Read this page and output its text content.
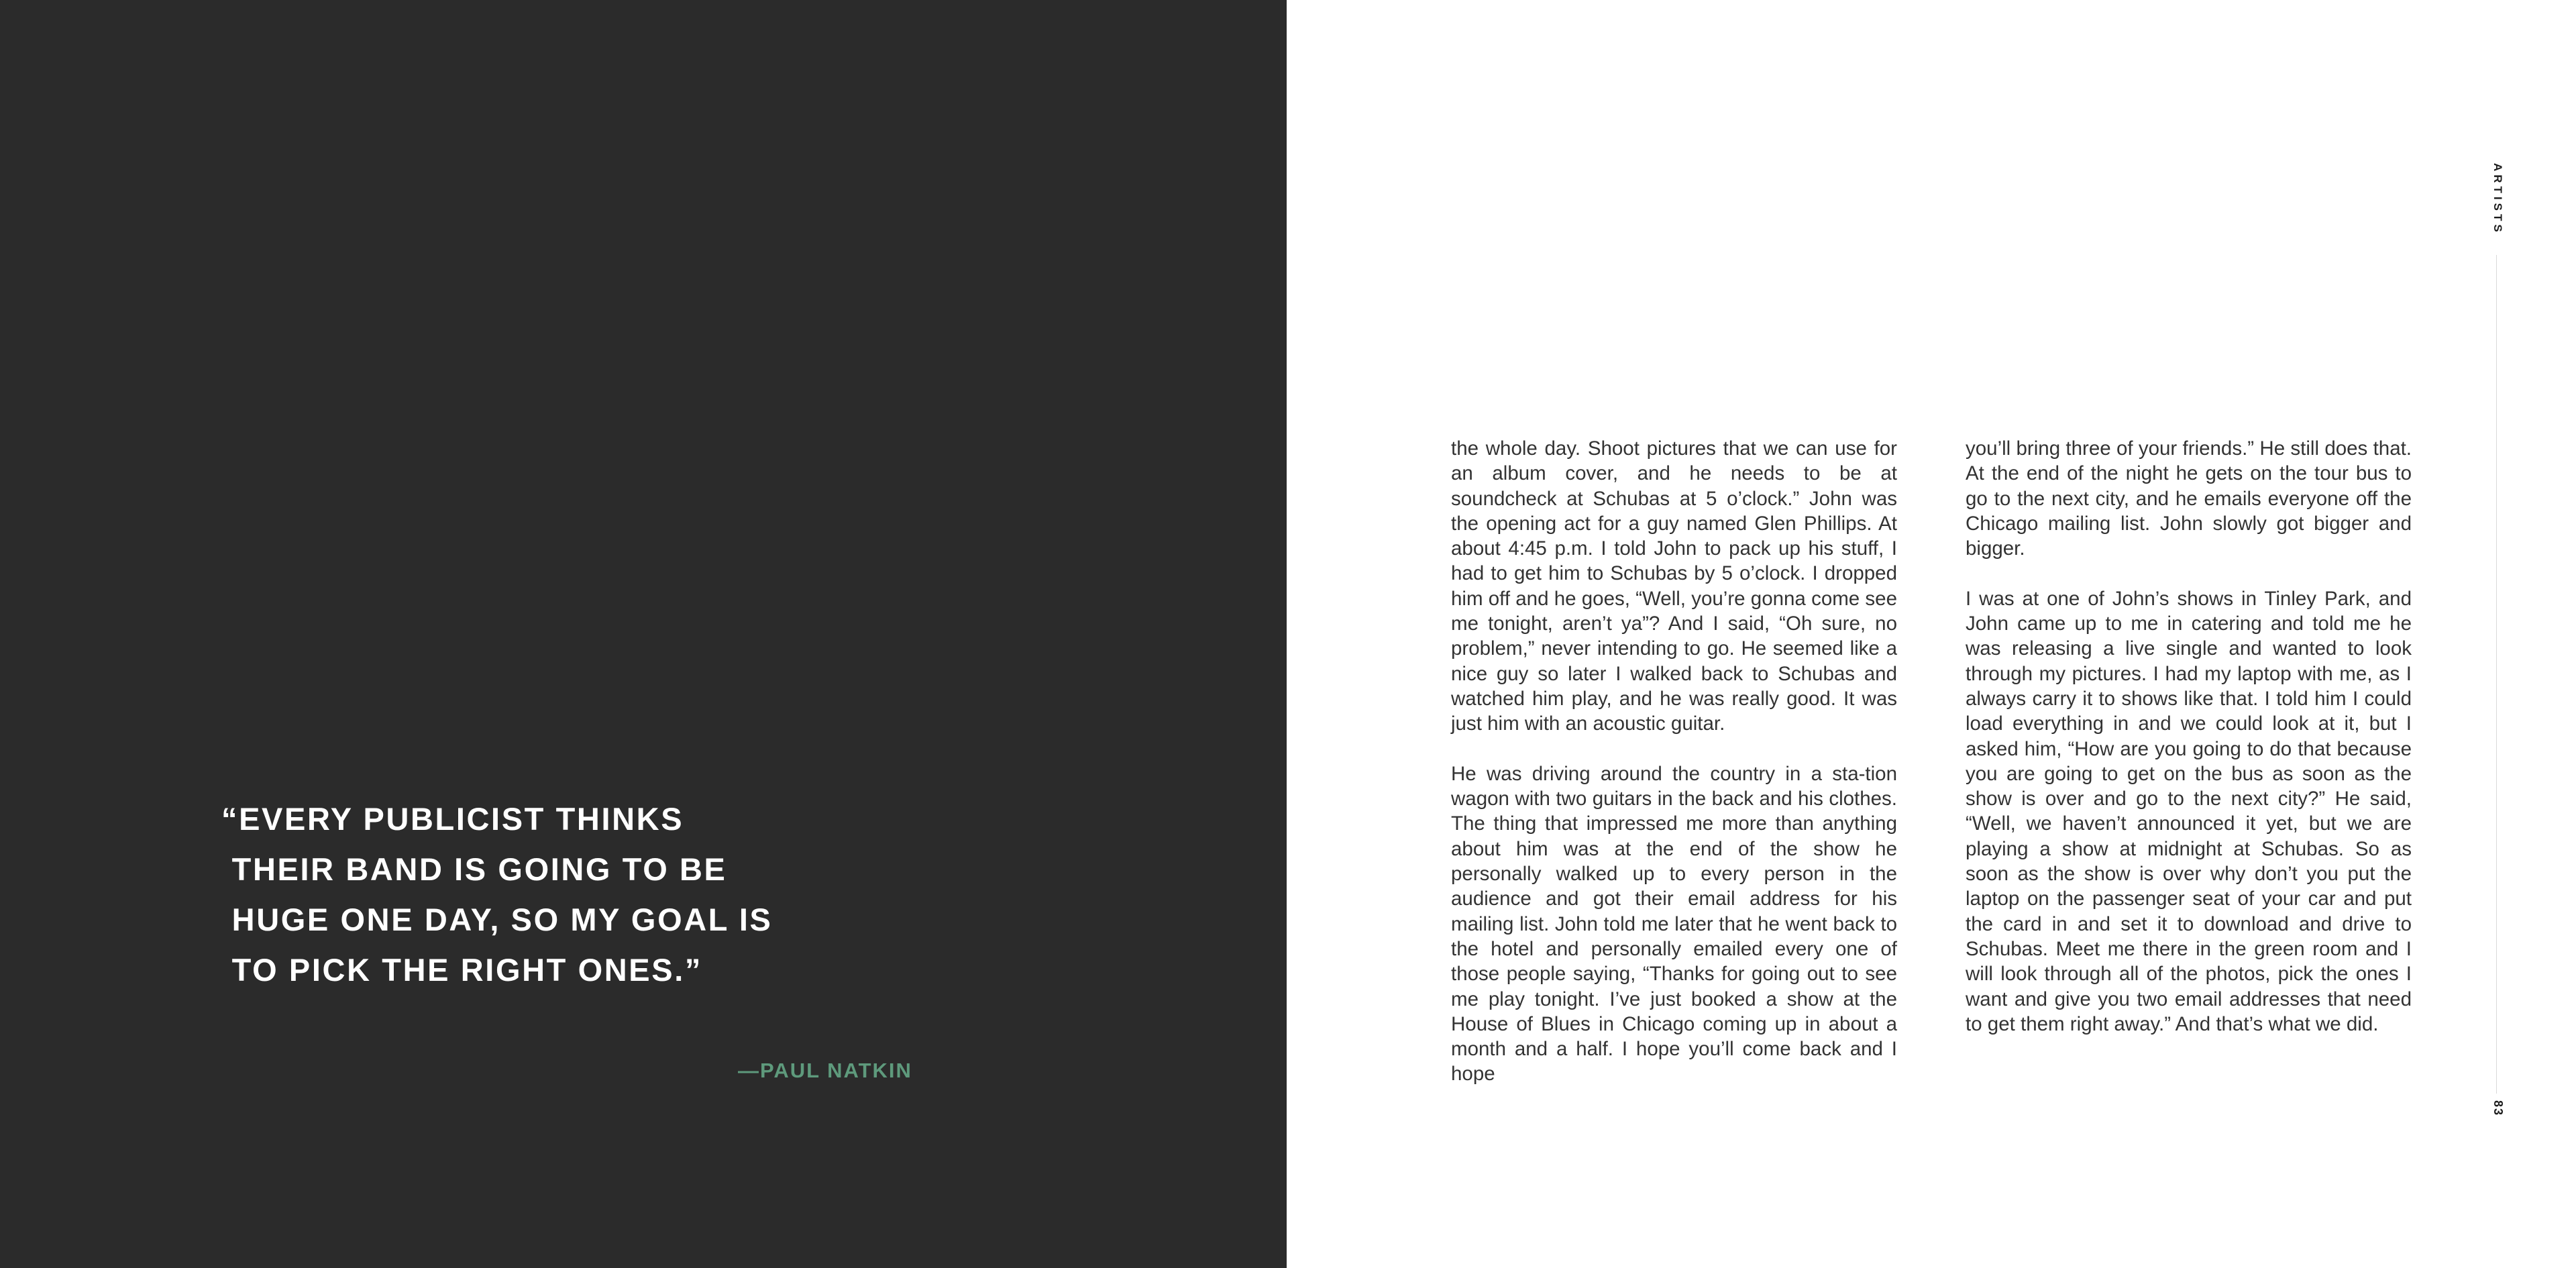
“EVERY PUBLICIST THINKS
THEIR BAND IS GOING TO BE
HUGE ONE DAY, SO MY GOAL IS
TO PICK THE RIGHT ONES.”
—PAUL NATKIN

the whole day. Shoot pictures that we can use for an album cover, and he needs to be at soundcheck at Schubas at 5 o’clock.” John was the opening act for a guy named Glen Phillips. At about 4:45 p.m. I told John to pack up his stuff, I had to get him to Schubas by 5 o’clock. I dropped him off and he goes, “Well, you’re gonna come see me tonight, aren’t ya”? And I said, “Oh sure, no problem,” never intending to go. He seemed like a nice guy so later I walked back to Schubas and watched him play, and he was really good. It was just him with an acoustic guitar.

He was driving around the country in a sta-tion wagon with two guitars in the back and his clothes. The thing that impressed me more than anything about him was at the end of the show he personally walked up to every person in the audience and got their email address for his mailing list. John told me later that he went back to the hotel and personally emailed every one of those people saying, “Thanks for going out to see me play tonight. I’ve just booked a show at the House of Blues in Chicago coming up in about a month and a half. I hope you’ll come back and I hope

you’ll bring three of your friends.” He still does that. At the end of the night he gets on the tour bus to go to the next city, and he emails everyone off the Chicago mailing list. John slowly got bigger and bigger.

I was at one of John’s shows in Tinley Park, and John came up to me in catering and told me he was releasing a live single and wanted to look through my pictures. I had my laptop with me, as I always carry it to shows like that. I told him I could load everything in and we could look at it, but I asked him, “How are you going to do that because you are going to get on the bus as soon as the show is over and go to the next city?” He said, “Well, we haven’t announced it yet, but we are playing a show at midnight at Schubas. So as soon as the show is over why don’t you put the laptop on the passenger seat of your car and put the card in and set it to download and drive to Schubas. Meet me there in the green room and I will look through all of the photos, pick the ones I want and give you two email addresses that need to get them right away.” And that’s what we did.

ARTISTS
83
